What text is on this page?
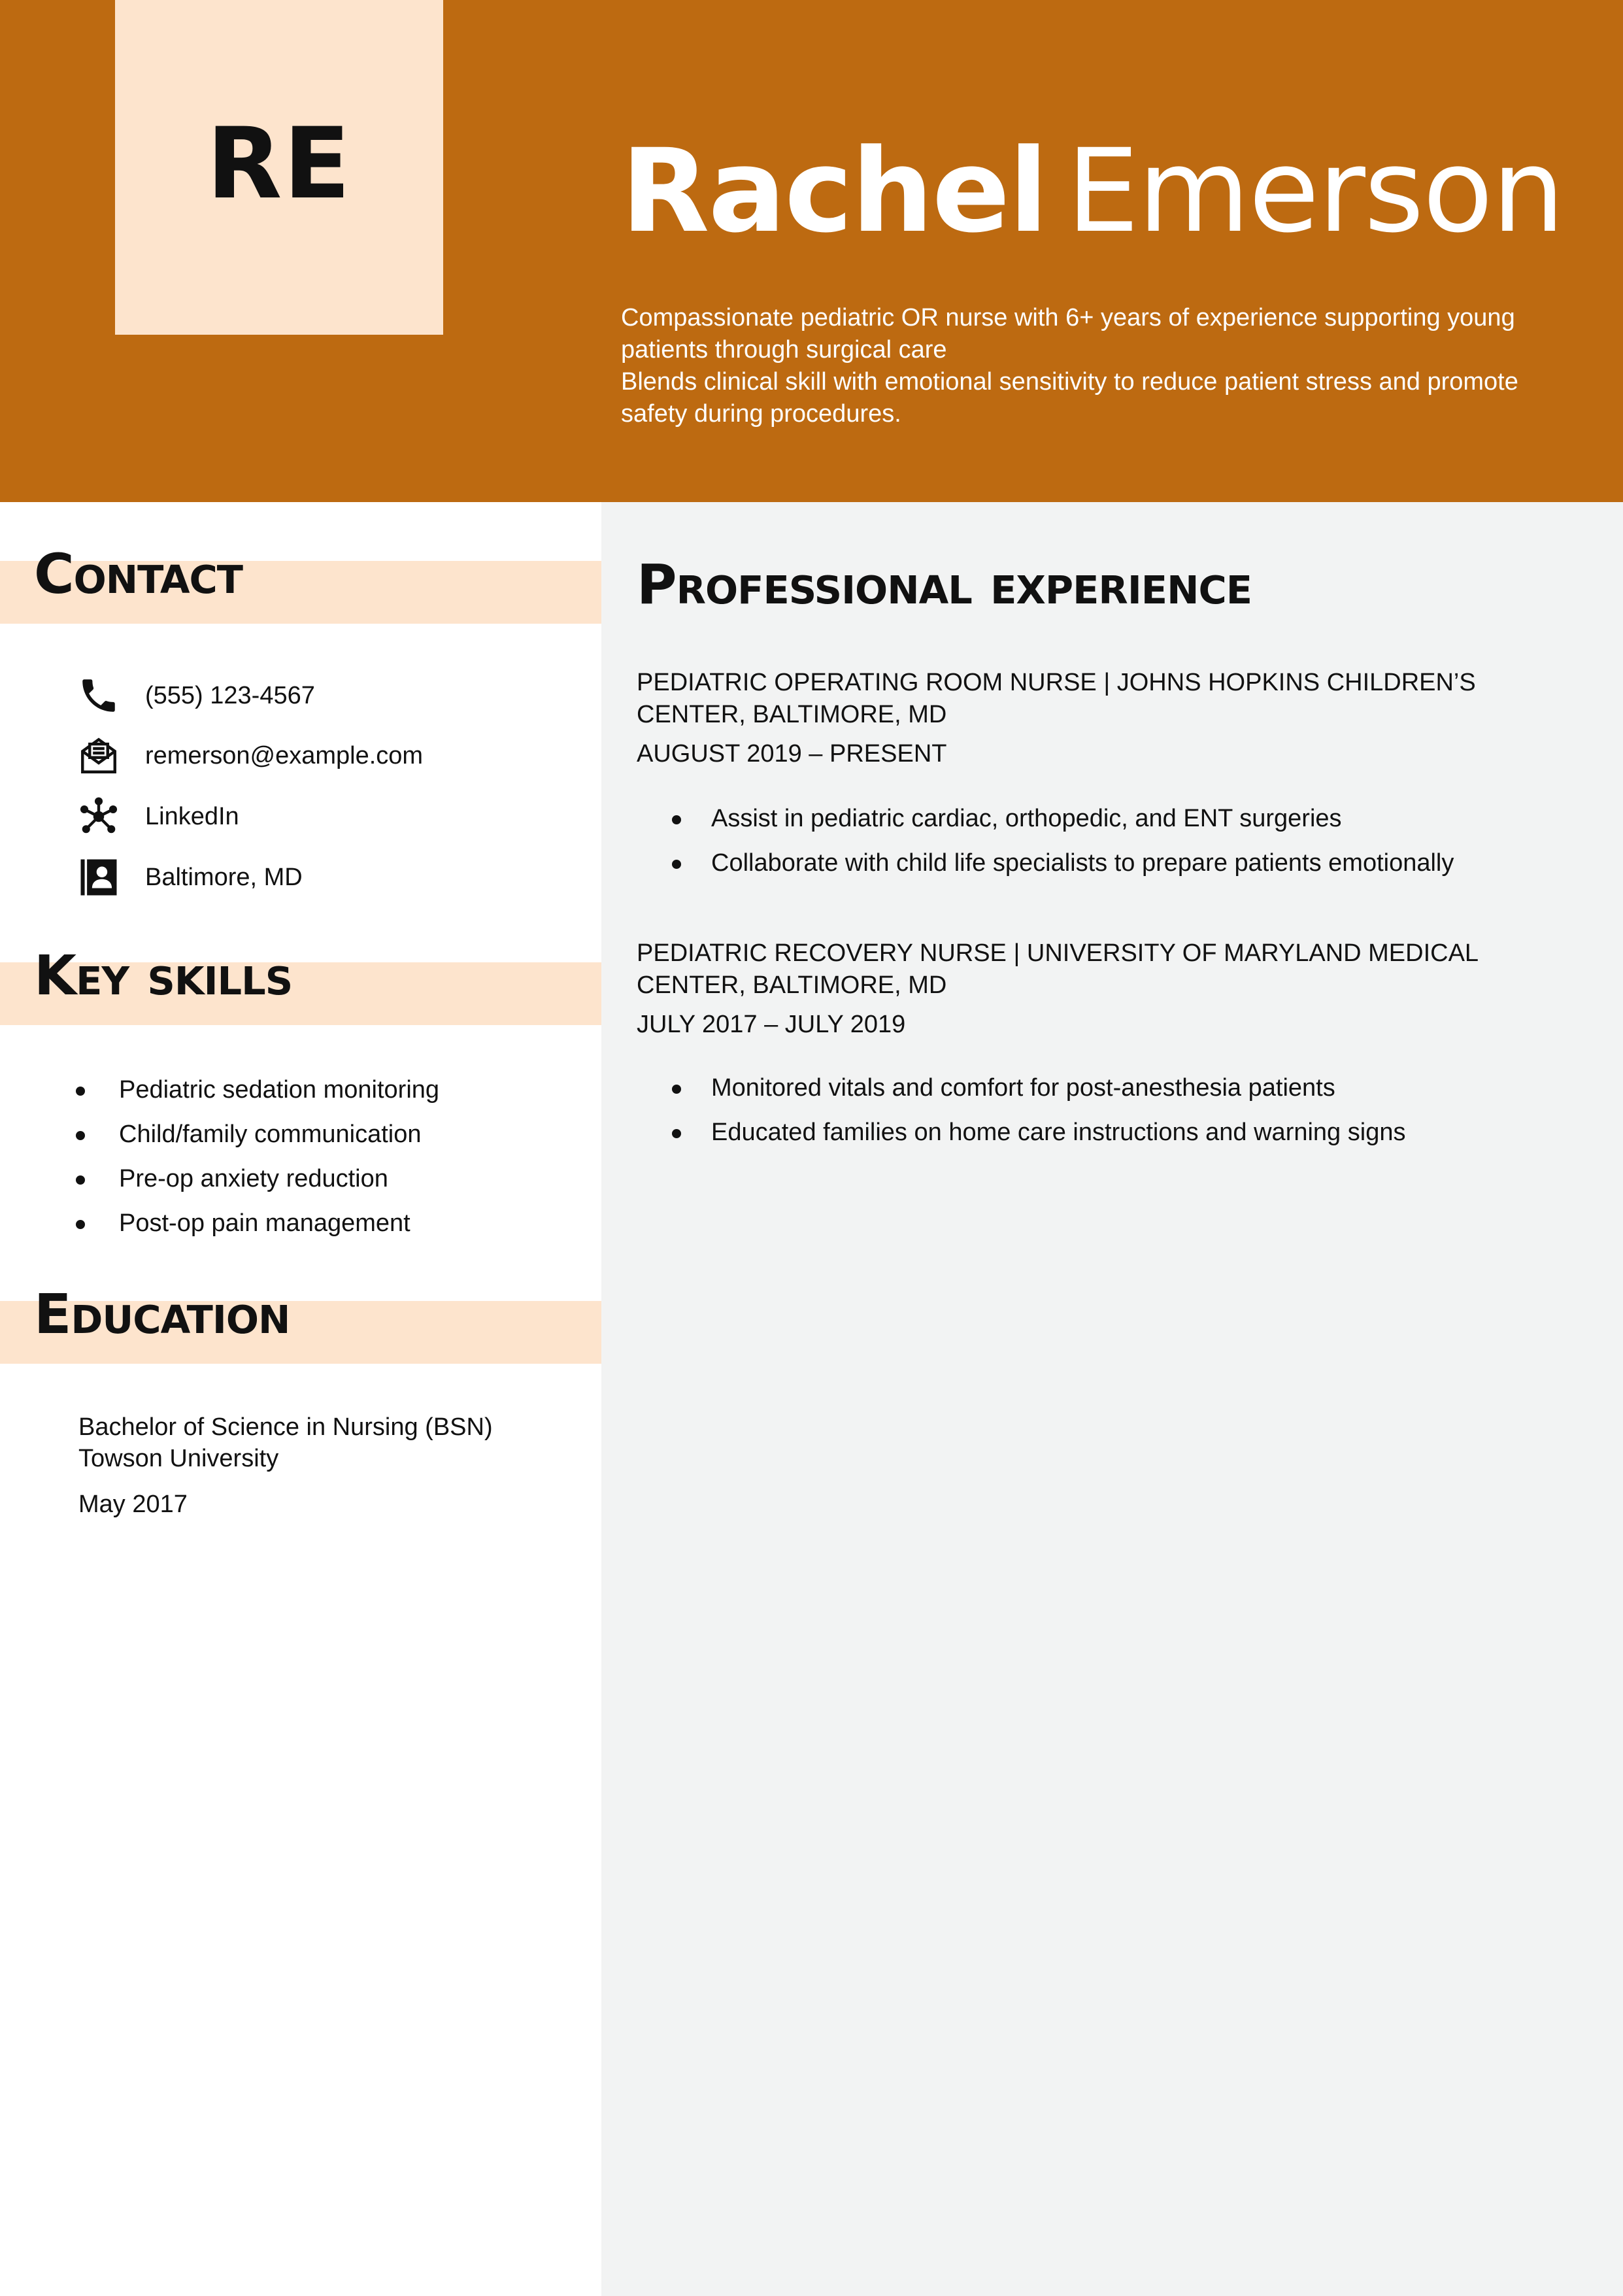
RE Rachel Emerson
Compassionate pediatric OR nurse with 6+ years of experience supporting young
patients through surgical care
Blends clinical skill with emotional sensitivity to reduce patient stress and promote
safety during procedures.
Contact
(555) 123-4567
remerson@example.com
LinkedIn
Baltimore, MD
Key skills
Pediatric sedation monitoring
Child/family communication
Pre-op anxiety reduction
Post-op pain management
Education
Bachelor of Science in Nursing (BSN)
Towson University
May 2017
Professional experience
PEDIATRIC OPERATING ROOM NURSE | JOHNS HOPKINS CHILDREN’S
CENTER, BALTIMORE, MD
AUGUST 2019 – PRESENT
Assist in pediatric cardiac, orthopedic, and ENT surgeries
Collaborate with child life specialists to prepare patients emotionally
PEDIATRIC RECOVERY NURSE | UNIVERSITY OF MARYLAND MEDICAL
CENTER, BALTIMORE, MD
JULY 2017 – JULY 2019
Monitored vitals and comfort for post-anesthesia patients
Educated families on home care instructions and warning signs
